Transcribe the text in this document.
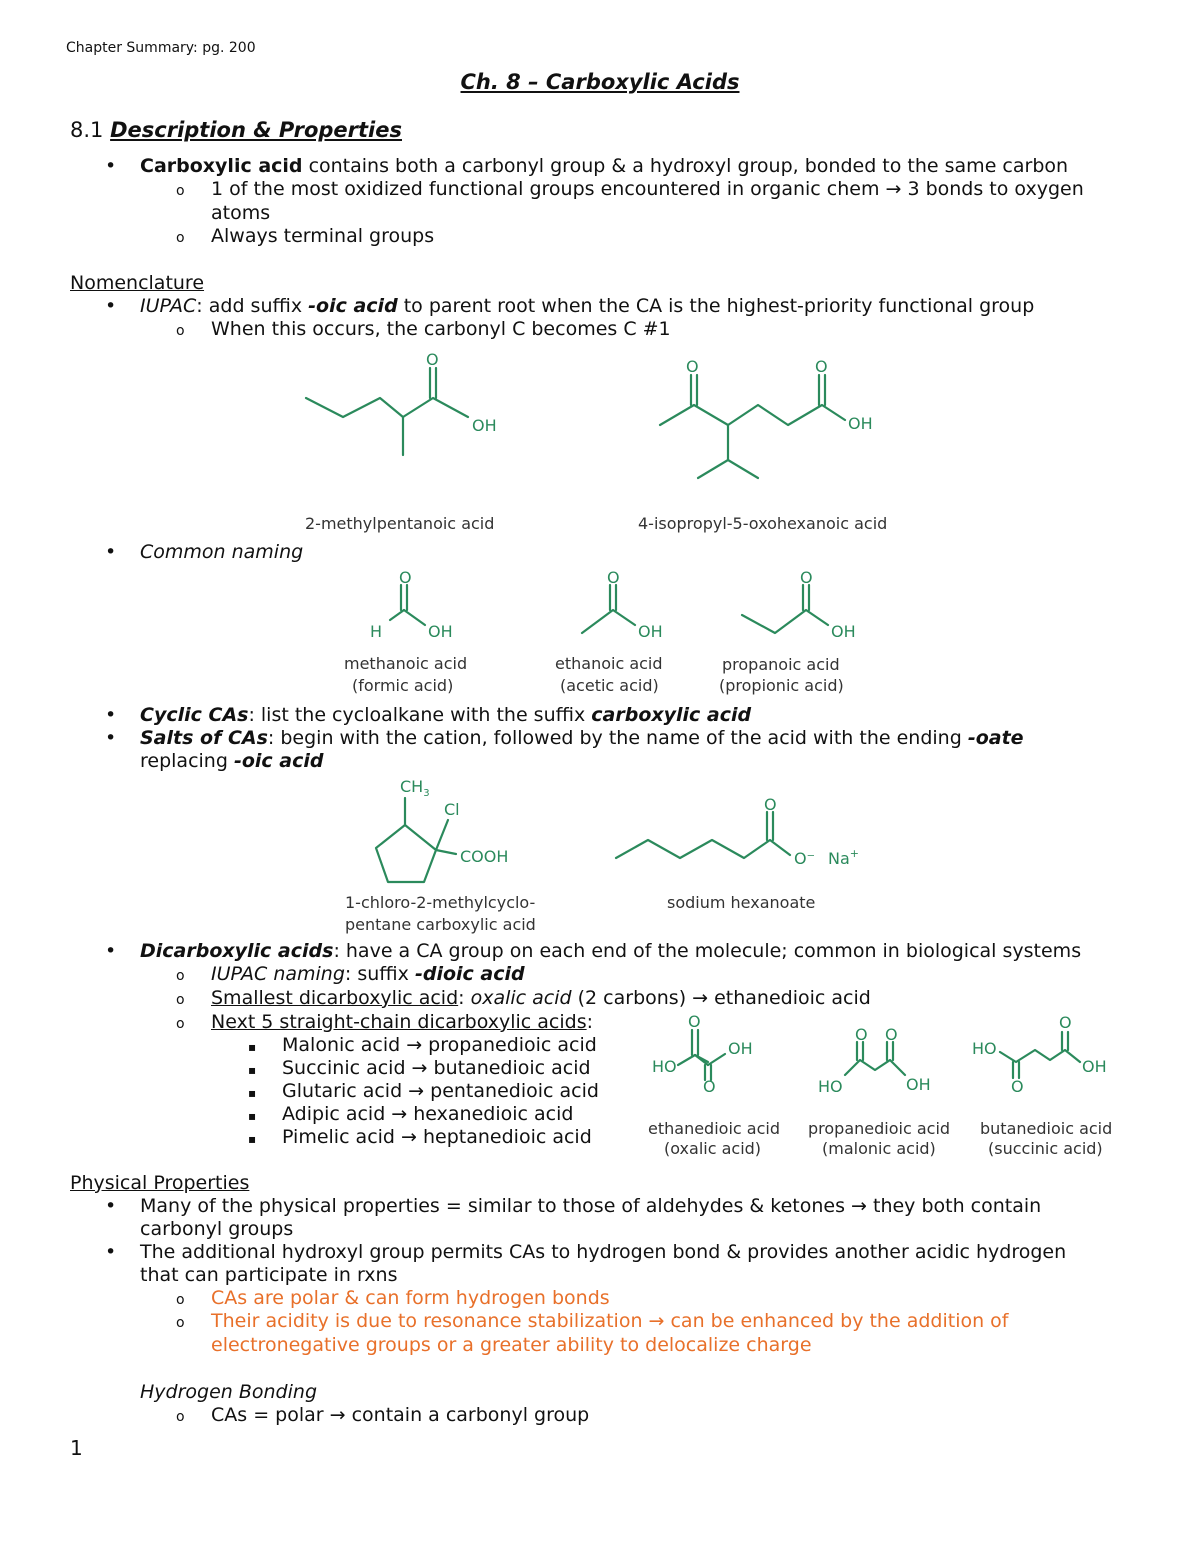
Chapter Summary: pg. 200
Ch. 8 – Carboxylic Acids
8.1 Description & Properties
• Carboxylic acid contains both a carbonyl group & a hydroxyl group, bonded to the same carbon
o 1 of the most oxidized functional groups encountered in organic chem → 3 bonds to oxygen
atoms
o Always terminal groups
Nomenclature
• IUPAC: add suffix -oic acid to parent root when the CA is the highest-priority functional group
o When this occurs, the carbonyl C becomes C #1
O
OH
2-methylpentanoic acid
O	O
OH
4-isopropyl-5-oxohexanoic acid
• Common naming
O
H	OH
methanoic acid
(formic acid)
O
OH
ethanoic acid
(acetic acid)
O
OH
propanoic acid
(propionic acid)
• Cyclic CAs: list the cycloalkane with the suffix carboxylic acid
• Salts of CAs: begin with the cation, followed by the name of the acid with the ending -oate
replacing -oic acid
$CH_3$
Cl
COOH
1-chloro-2-methylcyclo-
pentane carboxylic acid
O
O⁻ Na+
sodium hexanoate
• Dicarboxylic acids: have a CA group on each end of the molecule; common in biological systems
o IUPAC naming: suffix -dioic acid
o Smallest dicarboxylic acid: oxalic acid (2 carbons) → ethanedioic acid
o Next 5 straight-chain dicarboxylic acids:
▪ Malonic acid → propanedioic acid
▪ Succinic acid → butanedioic acid
▪ Glutaric acid → pentanedioic acid
▪ Adipic acid → hexanedioic acid
▪ Pimelic acid → heptanedioic acid
O
OH
HO
O
ethanedioic acid
(oxalic acid)
O O
HO	OH
propanedioic acid
(malonic acid)
HO
O
O
OH
butanedioic acid
(succinic acid)
Physical Properties
• Many of the physical properties = similar to those of aldehydes & ketones → they both contain
carbonyl groups
• The additional hydroxyl group permits CAs to hydrogen bond & provides another acidic hydrogen
that can participate in rxns
o CAs are polar & can form hydrogen bonds
o Their acidity is due to resonance stabilization → can be enhanced by the addition of
electronegative groups or a greater ability to delocalize charge
Hydrogen Bonding
o CAs = polar → contain a carbonyl group
1
